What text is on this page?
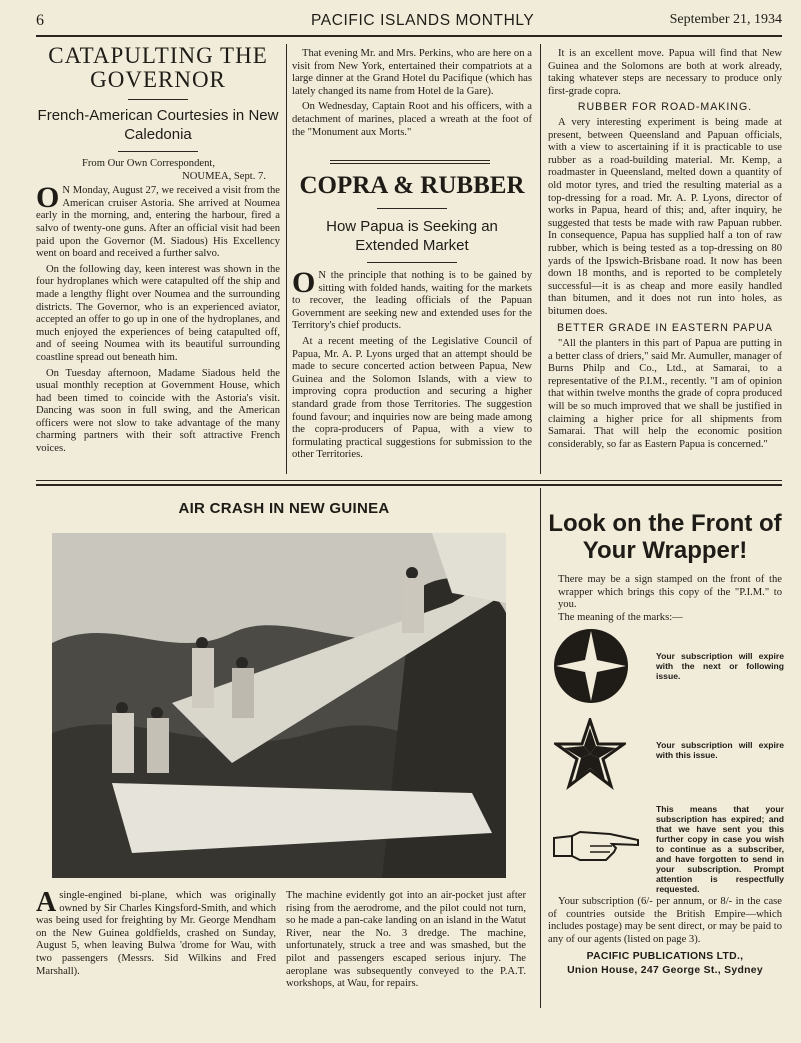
6	PACIFIC ISLANDS MONTHLY	September 21, 1934
CATAPULTING THE GOVERNOR
French-American Courtesies in New Caledonia
From Our Own Correspondent,
NOUMEA, Sept. 7.

O N Monday, August 27, we received a visit from the American cruiser Astoria. She arrived at Noumea early in the morning, and, entering the harbour, fired a salvo of twenty-one guns. After an official visit had been paid upon the Governor (M. Siadous) His Excellency went on board and received a further salvo.

On the following day, keen interest was shown in the four hydroplanes which were catapulted off the ship and made a lengthy flight over Noumea and the surrounding districts. The Governor, who is an experienced aviator, accepted an offer to go up in one of the hydroplanes, and much enjoyed the experiences of being catapulted off, and of seeing Noumea with its beautiful surrounding coastline spread out beneath him.

On Tuesday afternoon, Madame Siadous held the usual monthly reception at Government House, which had been timed to coincide with the Astoria's visit. Dancing was soon in full swing, and the American officers were not slow to take advantage of the many charming partners with their soft attractive French voices.

That evening Mr. and Mrs. Perkins, who are here on a visit from New York, entertained their compatriots at a large dinner at the Grand Hotel du Pacifique (which has lately changed its name from Hotel de la Gare).

On Wednesday, Captain Root and his officers, with a detachment of marines, placed a wreath at the foot of the "Monument aux Morts."

COPRA & RUBBER
How Papua is Seeking an Extended Market

O N the principle that nothing is to be gained by sitting with folded hands, waiting for the markets to recover, the leading officials of the Papuan Government are seeking new and extended uses for the Territory's chief products.

At a recent meeting of the Legislative Council of Papua, Mr. A. P. Lyons urged that an attempt should be made to secure concerted action between Papua, New Guinea and the Solomon Islands, with a view to improving copra production and securing a higher standard grade from those Territories. The suggestion found favour; and inquiries now are being made among the copra-producers of Papua, with a view to formulating practical suggestions for submission to the other Territories.

It is an excellent move. Papua will find that New Guinea and the Solomons are both at work already, taking whatever steps are necessary to produce only first-grade copra.

RUBBER FOR ROAD-MAKING.

A very interesting experiment is being made at present, between Queensland and Papuan officials, with a view to ascertaining if it is practicable to use rubber as a road-building material. Mr. Kemp, a roadmaster in Queensland, melted down a quantity of old motor tyres, and tried the resulting material as a top-dressing for a road. Mr. A. P. Lyons, director of works in Papua, heard of this; and, after inquiry, he suggested that tests be made with raw Papuan rubber. In consequence, Papua has supplied half a ton of raw rubber, which is being tested as a top-dressing on 80 yards of the Ipswich-Brisbane road. It now has been down 18 months, and is reported to be completely successful—it is as cheap and more easily handled than bitumen, and it does not run into holes, as bitumen does.

BETTER GRADE IN EASTERN PAPUA

"All the planters in this part of Papua are putting in a better class of driers," said Mr. Aumuller, manager of Burns Philp and Co., Ltd., at Samarai, to a representative of the P.I.M., recently. "I am of opinion that within twelve months the grade of copra produced will be so much improved that we shall be justified in claiming a higher price for all shipments from Samarai. That will help the economic position considerably, so far as Eastern Papua is concerned."

AIR CRASH IN NEW GUINEA

Asingle-engined bi-plane, which was originally owned by Sir Charles Kingsford-Smith, and which was being used for freighting by Mr. George Mendham on the New Guinea goldfields, crashed on Sunday, August 5, when leaving Bulwa 'drome for Wau, with two passengers (Messrs. Sid Wilkins and Fred Marshall).

The machine evidently got into an air-pocket just after rising from the aerodrome, and the pilot could not turn, so he made a pan-cake landing on an island in the Watut River, near the No. 3 dredge. The machine, unfortunately, struck a tree and was smashed, but the pilot and passengers escaped serious injury. The aeroplane was subsequently conveyed to the P.A.T. workshops, at Wau, for repairs.

Look on the Front of Your Wrapper!
There may be a sign stamped on the front of the wrapper which brings this copy of the "P.I.M." to you.
The meaning of the marks:—
Your subscription will expire with the next or following issue.
Your subscription will expire with this issue.
This means that your subscription has expired; and that we have sent you this further copy in case you wish to continue as a subscriber, and have forgotten to send in your subscription. Prompt attention is respectfully requested.

Your subscription (6/- per annum, or 8/- in the case of countries outside the British Empire—which includes postage) may be sent direct, or may be paid to any of our agents (listed on page 3).

PACIFIC PUBLICATIONS LTD.,
Union House, 247 George St., Sydney
